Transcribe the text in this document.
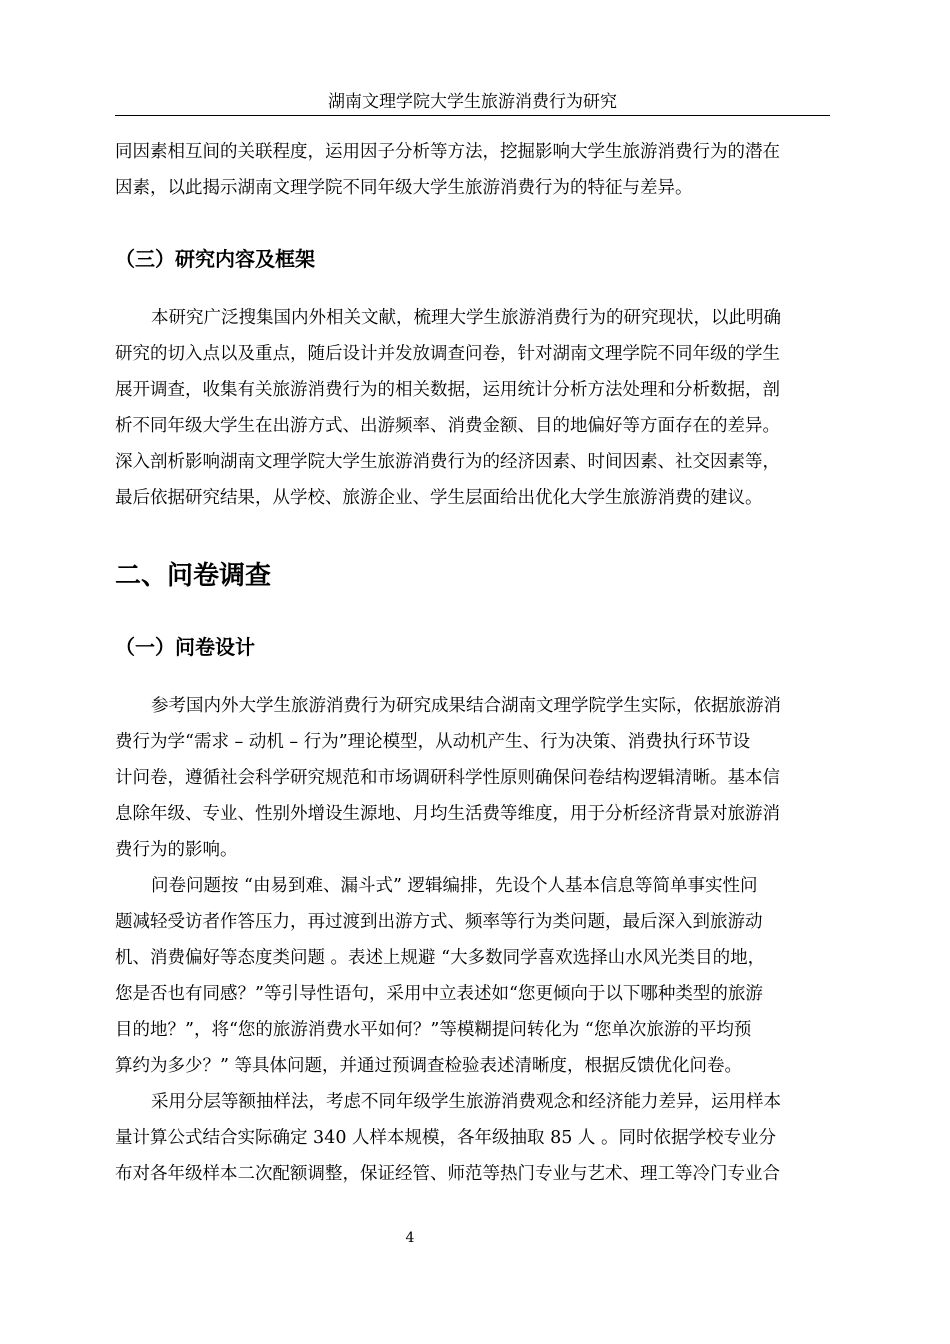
湖南文理学院大学生旅游消费行为研究

同因素相互间的关联程度，运用因子分析等方法，挖掘影响大学生旅游消费行为的潜在
因素，以此揭示湖南文理学院不同年级大学生旅游消费行为的特征与差异。

（三）研究内容及框架

本研究广泛搜集国内外相关文献，梳理大学生旅游消费行为的研究现状，以此明确
研究的切入点以及重点，随后设计并发放调查问卷，针对湖南文理学院不同年级的学生
展开调查，收集有关旅游消费行为的相关数据，运用统计分析方法处理和分析数据，剖
析不同年级大学生在出游方式、出游频率、消费金额、目的地偏好等方面存在的差异。
深入剖析影响湖南文理学院大学生旅游消费行为的经济因素、时间因素、社交因素等，
最后依据研究结果，从学校、旅游企业、学生层面给出优化大学生旅游消费的建议。

二、问卷调查
（一）问卷设计

参考国内外大学生旅游消费行为研究成果结合湖南文理学院学生实际，依据旅游消
费行为学“需求 – 动机 – 行为”理论模型，从动机产生、行为决策、消费执行环节设
计问卷，遵循社会科学研究规范和市场调研科学性原则确保问卷结构逻辑清晰。基本信
息除年级、专业、性别外增设生源地、月均生活费等维度，用于分析经济背景对旅游消
费行为的影响。

问卷问题按 “由易到难、漏斗式” 逻辑编排，先设个人基本信息等简单事实性问
题减轻受访者作答压力，再过渡到出游方式、频率等行为类问题，最后深入到旅游动
机、消费偏好等态度类问题 。表述上规避 “大多数同学喜欢选择山水风光类目的地，
您是否也有同感？”等引导性语句，采用中立表述如“您更倾向于以下哪种类型的旅游
目的地？”，将“您的旅游消费水平如何？”等模糊提问转化为 “您单次旅游的平均预
算约为多少？” 等具体问题，并通过预调查检验表述清晰度，根据反馈优化问卷。

采用分层等额抽样法，考虑不同年级学生旅游消费观念和经济能力差异，运用样本
量计算公式结合实际确定 340 人样本规模，各年级抽取 85 人 。同时依据学校专业分
布对各年级样本二次配额调整，保证经管、师范等热门专业与艺术、理工等冷门专业合

4
